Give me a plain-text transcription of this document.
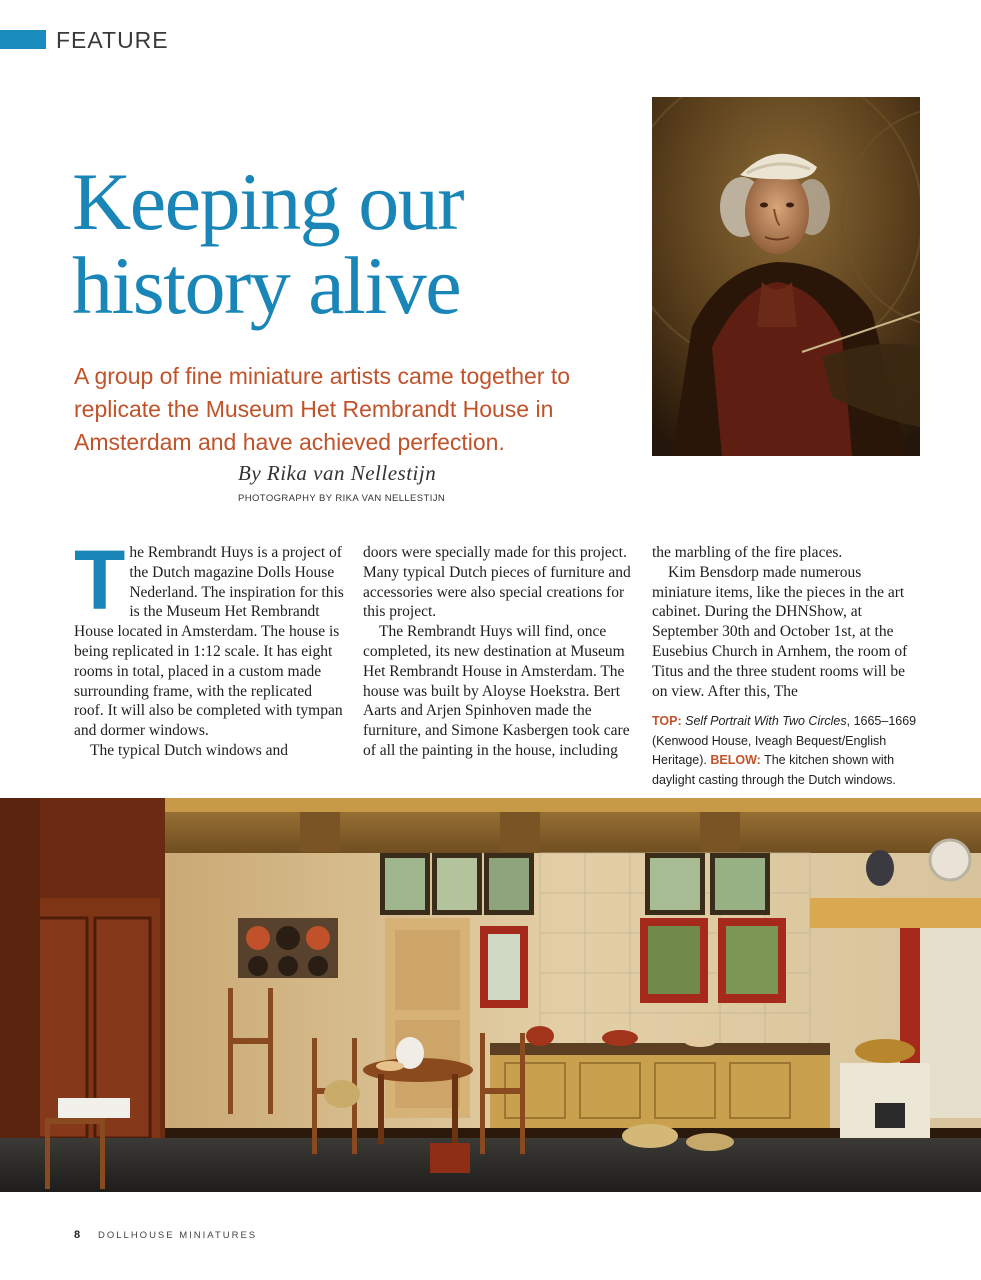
FEATURE
Keeping our
history alive
A group of fine miniature artists came together to replicate the Museum Het Rembrandt House in Amsterdam and have achieved perfection.
By Rika van Nellestijn
PHOTOGRAPHY BY RIKA VAN NELLESTIJN
T he Rembrandt Huys is a project of the Dutch magazine Dolls House Nederland. The inspiration for this is the Museum Het Rembrandt House located in Amsterdam. The house is being replicated in 1:12 scale. It has eight rooms in total, placed in a custom made surrounding frame, with the replicated roof. It will also be completed with tympan and dormer windows.

The typical Dutch windows and

doors were specially made for this project. Many typical Dutch pieces of furniture and accessories were also special creations for this project.

The Rembrandt Huys will find, once completed, its new destination at Museum Het Rembrandt House in Amsterdam. The house was built by Aloyse Hoekstra. Bert Aarts and Arjen Spinhoven made the furniture, and Simone Kasbergen took care of all the painting in the house, including

the marbling of the fire places.

Kim Bensdorp made numerous miniature items, like the pieces in the art cabinet. During the DHNShow, at September 30th and October 1st, at the Eusebius Church in Arnhem, the room of Titus and the three student rooms will be on view. After this, The

TOP: Self Portrait With Two Circles, 1665–1669 (Kenwood House, Iveagh Bequest/English Heritage). BELOW: The kitchen shown with daylight casting through the Dutch windows.
8 DOLLHOUSE MINIATURES
